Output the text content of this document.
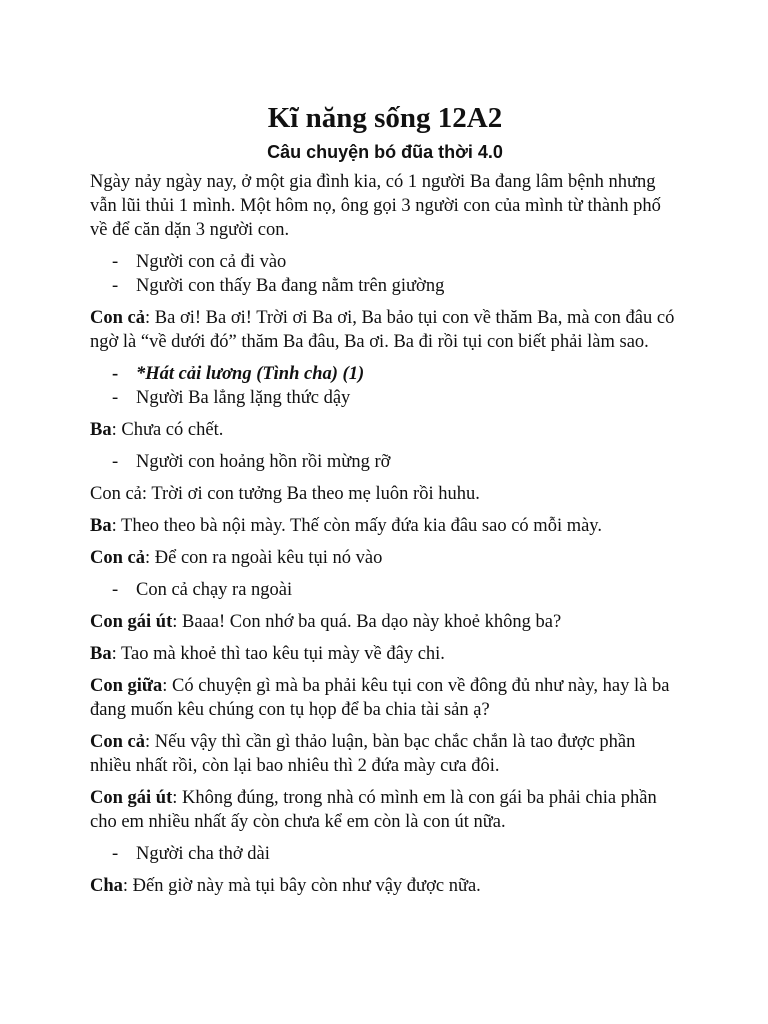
Kĩ năng sống 12A2
Câu chuyện bó đũa thời 4.0

Ngày nảy ngày nay, ở một gia đình kia, có 1 người Ba đang lâm bệnh nhưng vẫn lũi thủi 1 mình. Một hôm nọ, ông gọi 3 người con của mình từ thành phố về để căn dặn 3 người con.

- Người con cả đi vào
- Người con thấy Ba đang nằm trên giường

Con cả: Ba ơi! Ba ơi! Trời ơi Ba ơi, Ba bảo tụi con về thăm Ba, mà con đâu có ngờ là “về dưới đó” thăm Ba đâu, Ba ơi. Ba đi rồi tụi con biết phải làm sao.

- *Hát cải lương (Tình cha) (1)
- Người Ba lẳng lặng thức dậy

Ba: Chưa có chết.

- Người con hoảng hồn rồi mừng rỡ

Con cả: Trời ơi con tưởng Ba theo mẹ luôn rồi huhu.

Ba: Theo theo bà nội mày. Thế còn mấy đứa kia đâu sao có mỗi mày.

Con cả: Để con ra ngoài kêu tụi nó vào

- Con cả chạy ra ngoài

Con gái út: Baaa! Con nhớ ba quá. Ba dạo này khoẻ không ba?

Ba: Tao mà khoẻ thì tao kêu tụi mày về đây chi.

Con giữa: Có chuyện gì mà ba phải kêu tụi con về đông đủ như này, hay là ba đang muốn kêu chúng con tụ họp để ba chia tài sản ạ?

Con cả: Nếu vậy thì cần gì thảo luận, bàn bạc chắc chắn là tao được phần nhiều nhất rồi, còn lại bao nhiêu thì 2 đứa mày cưa đôi.

Con gái út: Không đúng, trong nhà có mình em là con gái ba phải chia phần cho em nhiều nhất ấy còn chưa kể em còn là con út nữa.

- Người cha thở dài

Cha: Đến giờ này mà tụi bây còn như vậy được nữa.
